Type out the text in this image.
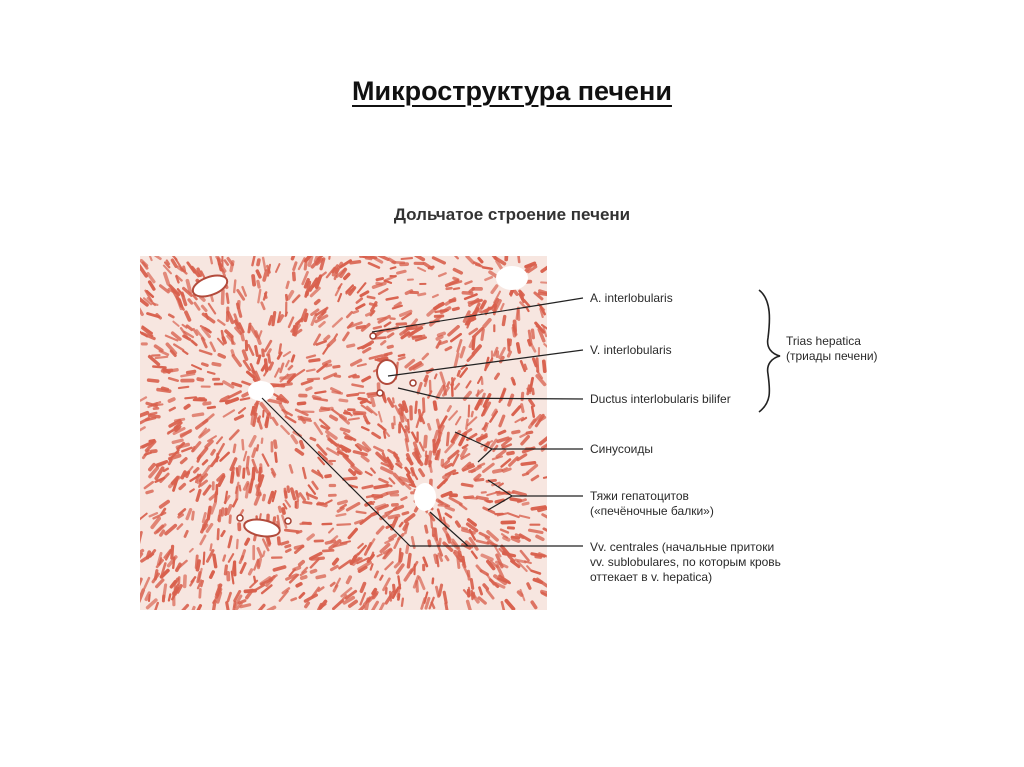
Микроструктура печени
Дольчатое строение печени
A. interlobularis
V. interlobularis
Ductus interlobularis bilifer
Синусоиды
Тяжи гепатоцитов
(«печёночные балки»)
Vv. centrales (начальные притоки
vv. sublobulares, по которым кровь
оттекает в v. hepatica)
Trias hepatica
(триады печени)
